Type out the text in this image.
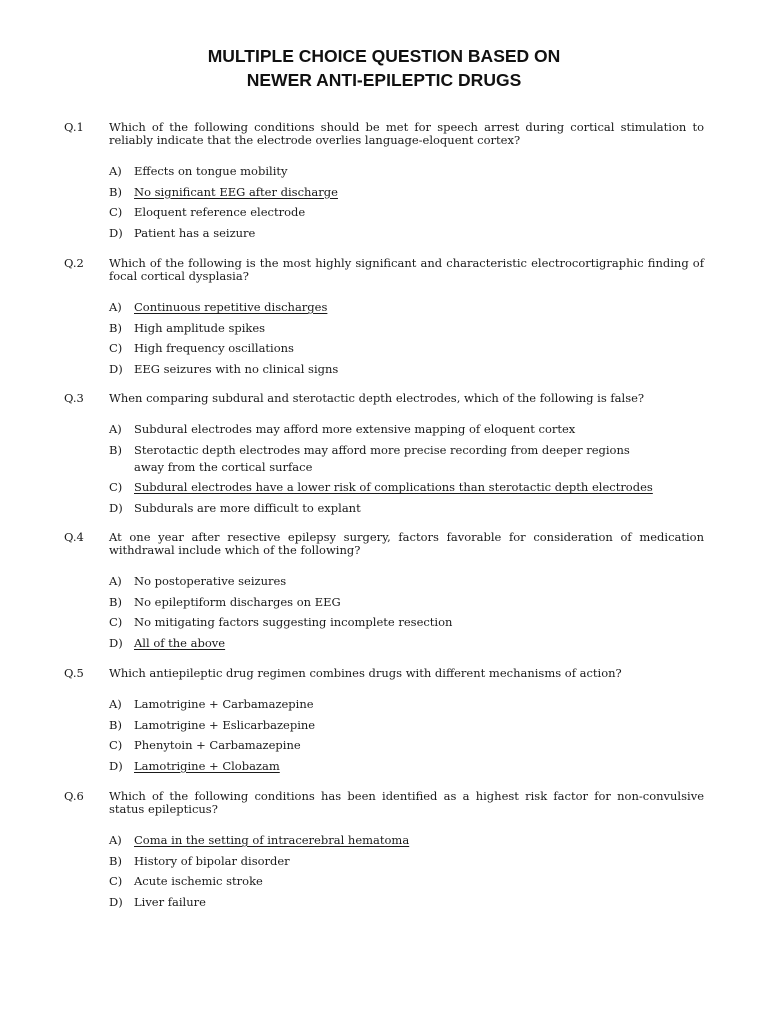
MULTIPLE CHOICE QUESTION BASED ON
NEWER ANTI-EPILEPTIC DRUGS
Q.1	Which of the following conditions should be met for speech arrest during cortical stimulation to reliably indicate that the electrode overlies language-eloquent cortex?
A)	Effects on tongue mobility
B)	No significant EEG after discharge
C)	Eloquent reference electrode
D) Patient has a seizure
Q.2	Which of the following is the most highly significant and characteristic electrocortigraphic finding of focal cortical dysplasia?
A)	Continuous repetitive discharges
B)	High amplitude spikes
C)	High frequency oscillations
D) EEG seizures with no clinical signs
Q.3	When comparing subdural and sterotactic depth electrodes, which of the following is false?
A)	Subdural electrodes may afford more extensive mapping of eloquent cortex
B)	Sterotactic depth electrodes may afford more precise recording from deeper regions away from the cortical surface
C)	Subdural electrodes have a lower risk of complications than sterotactic depth electrodes
D) Subdurals are more difficult to explant
Q.4	At one year after resective epilepsy surgery, factors favorable for consideration of medication withdrawal include which of the following?
A)	No postoperative seizures
B)	No epileptiform discharges on EEG
C)	No mitigating factors suggesting incomplete resection
D) All of the above
Q.5	Which antiepileptic drug regimen combines drugs with different mechanisms of action?
A)	Lamotrigine + Carbamazepine
B)	Lamotrigine + Eslicarbazepine
C)	Phenytoin + Carbamazepine
D) Lamotrigine + Clobazam
Q.6	Which of the following conditions has been identified as a highest risk factor for non-convulsive status epilepticus?
A)	Coma in the setting of intracerebral hematoma
B)	History of bipolar disorder
C)	Acute ischemic stroke
D) Liver failure
